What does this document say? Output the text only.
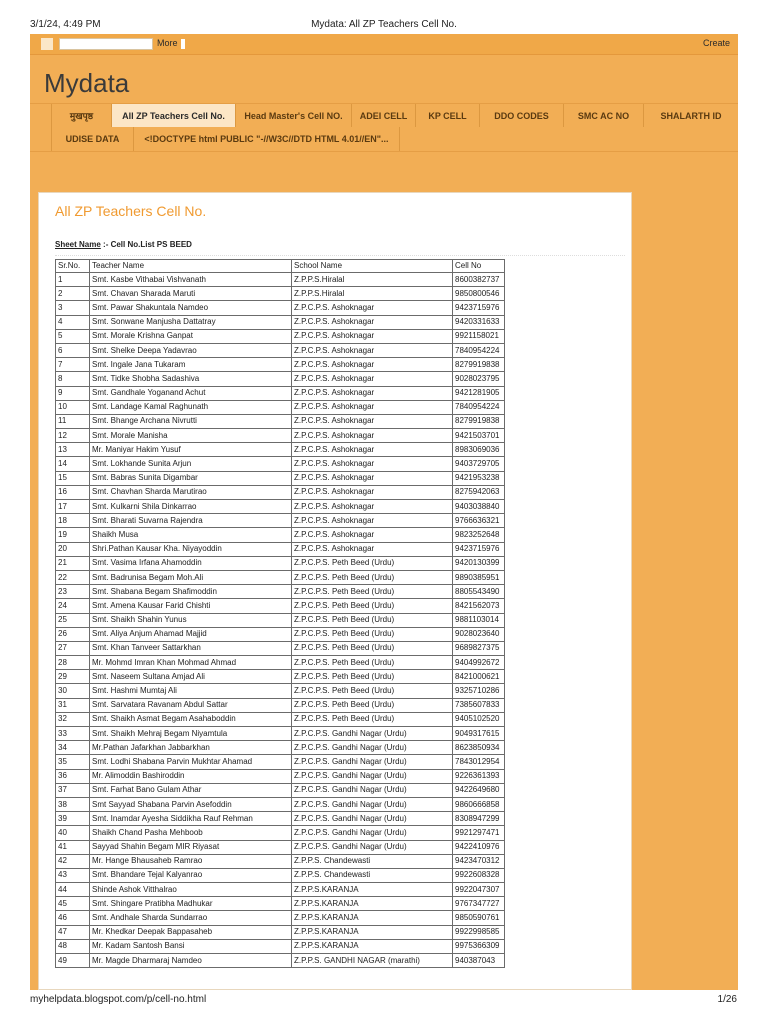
3/1/24, 4:49 PM	Mydata: All ZP Teachers Cell No.
More	Create
Mydata
मुखपृष्ठ	All ZP Teachers Cell No.	Head Master's Cell NO.	ADEI CELL	KP CELL	DDO CODES	SMC AC NO	SHALARTH ID
UDISE DATA	<!DOCTYPE html PUBLIC "-//W3C//DTD HTML 4.01//EN"...
All ZP Teachers Cell No.
Sheet Name :- Cell No.List PS BEED
Sr.No.	Teacher Name	School Name	Cell No
1	Smt. Kasbe Vithabai Vishvanath	Z.P.P.S.Hiralal	8600382737
2	Smt. Chavan Sharada Maruti	Z.P.P.S.Hiralal	9850800546
3	Smt. Pawar Shakuntala Namdeo	Z.P.C.P.S. Ashoknagar	9423715976
4	Smt. Sonwane Manjusha Dattatray	Z.P.C.P.S. Ashoknagar	9420331633
5	Smt. Morale Krishna Ganpat	Z.P.C.P.S. Ashoknagar	9921158021
6	Smt. Shelke Deepa Yadavrao	Z.P.C.P.S. Ashoknagar	7840954224
7	Smt. Ingale Jana Tukaram	Z.P.C.P.S. Ashoknagar	8279919838
8	Smt. Tidke Shobha Sadashiva	Z.P.C.P.S. Ashoknagar	9028023795
9	Smt. Gandhale Yoganand Achut	Z.P.C.P.S. Ashoknagar	9421281905
10	Smt. Landage Kamal Raghunath	Z.P.C.P.S. Ashoknagar	7840954224
11	Smt. Bhange Archana Nivrutti	Z.P.C.P.S. Ashoknagar	8279919838
12	Smt. Morale Manisha	Z.P.C.P.S. Ashoknagar	9421503701
13	Mr. Maniyar Hakim Yusuf	Z.P.C.P.S. Ashoknagar	8983069036
14	Smt. Lokhande Sunita Arjun	Z.P.C.P.S. Ashoknagar	9403729705
15	Smt. Babras Sunita Digambar	Z.P.C.P.S. Ashoknagar	9421953238
16	Smt. Chavhan Sharda Marutirao	Z.P.C.P.S. Ashoknagar	8275942063
17	Smt. Kulkarni Shila Dinkarrao	Z.P.C.P.S. Ashoknagar	9403038840
18	Smt. Bharati Suvarna Rajendra	Z.P.C.P.S. Ashoknagar	9766636321
19	Shaikh Musa	Z.P.C.P.S. Ashoknagar	9823252648
20	Shri.Pathan Kausar Kha. Niyayoddin	Z.P.C.P.S. Ashoknagar	9423715976
21	Smt. Vasima Irfana Ahamoddin	Z.P.C.P.S. Peth Beed (Urdu)	9420130399
22	Smt. Badrunisa Begam Moh.Ali	Z.P.C.P.S. Peth Beed (Urdu)	9890385951
23	Smt. Shabana Begam Shafimoddin	Z.P.C.P.S. Peth Beed (Urdu)	8805543490
24	Smt. Amena Kausar Farid Chishti	Z.P.C.P.S. Peth Beed (Urdu)	8421562073
25	Smt. Shaikh Shahin Yunus	Z.P.C.P.S. Peth Beed (Urdu)	9881103014
26	Smt. Aliya Anjum Ahamad Majjid	Z.P.C.P.S. Peth Beed (Urdu)	9028023640
27	Smt. Khan Tanveer Sattarkhan	Z.P.C.P.S. Peth Beed (Urdu)	9689827375
28	Mr. Mohmd Imran Khan Mohmad Ahmad	Z.P.C.P.S. Peth Beed (Urdu)	9404992672
29	Smt. Naseem Sultana Amjad Ali	Z.P.C.P.S. Peth Beed (Urdu)	8421000621
30	Smt. Hashmi Mumtaj Ali	Z.P.C.P.S. Peth Beed (Urdu)	9325710286
31	Smt. Sarvatara Ravanam Abdul Sattar	Z.P.C.P.S. Peth Beed (Urdu)	7385607833
32	Smt. Shaikh Asmat Begam Asahaboddin	Z.P.C.P.S. Peth Beed (Urdu)	9405102520
33	Smt. Shaikh Mehraj Begam Niyamtula	Z.P.C.P.S. Gandhi Nagar (Urdu)	9049317615
34	Mr.Pathan Jafarkhan Jabbarkhan	Z.P.C.P.S. Gandhi Nagar (Urdu)	8623850934
35	Smt. Lodhi Shabana Parvin Mukhtar Ahamad	Z.P.C.P.S. Gandhi Nagar (Urdu)	7843012954
36	Mr. Alimoddin Bashiroddin	Z.P.C.P.S. Gandhi Nagar (Urdu)	9226361393
37	Smt. Farhat Bano Gulam Athar	Z.P.C.P.S. Gandhi Nagar (Urdu)	9422649680
38	Smt Sayyad Shabana Parvin Asefoddin	Z.P.C.P.S. Gandhi Nagar (Urdu)	9860666858
39	Smt. Inamdar Ayesha Siddikha Rauf Rehman	Z.P.C.P.S. Gandhi Nagar (Urdu)	8308947299
40	Shaikh Chand Pasha Mehboob	Z.P.C.P.S. Gandhi Nagar (Urdu)	9921297471
41	Sayyad Shahin Begam MIR Riyasat	Z.P.C.P.S. Gandhi Nagar (Urdu)	9422410976
42	Mr. Hange Bhausaheb Ramrao	Z.P.P.S. Chandewasti	9423470312
43	Smt. Bhandare Tejal Kalyanrao	Z.P.P.S. Chandewasti	9922608328
44	Shinde Ashok Vitthalrao	Z.P.P.S.KARANJA	9922047307
45	Smt. Shingare Pratibha Madhukar	Z.P.P.S.KARANJA	9767347727
46	Smt. Andhale Sharda Sundarrao	Z.P.P.S.KARANJA	9850590761
47	Mr. Khedkar Deepak Bappasaheb	Z.P.P.S.KARANJA	9922998585
48	Mr. Kadam Santosh Bansi	Z.P.P.S.KARANJA	9975366309
49	Mr. Magde Dharmaraj Namdeo	Z.P.P.S. GANDHI NAGAR (marathi)	940387043
myhelpdata.blogspot.com/p/cell-no.html	1/26
